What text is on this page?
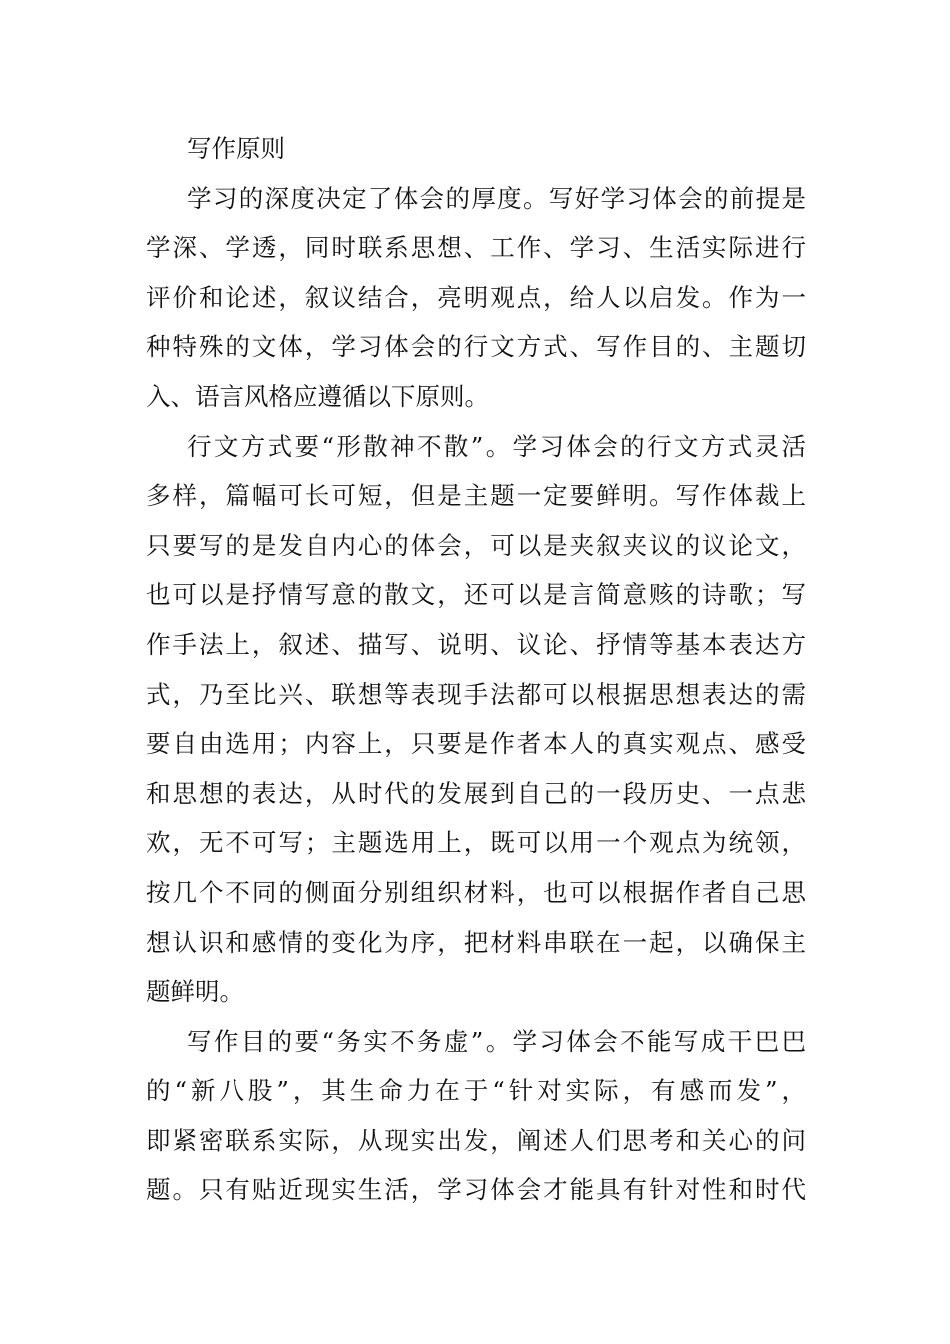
写作原则
学习的深度决定了体会的厚度。写好学习体会的前提是
学深、学透，同时联系思想、工作、学习、生活实际进行
评价和论述，叙议结合，亮明观点，给人以启发。作为一
种特殊的文体，学习体会的行文方式、写作目的、主题切
入、语言风格应遵循以下原则。
行文方式要“形散神不散”。学习体会的行文方式灵活
多样，篇幅可长可短，但是主题一定要鲜明。写作体裁上
只要写的是发自内心的体会，可以是夹叙夹议的议论文，
也可以是抒情写意的散文，还可以是言简意赅的诗歌；写
作手法上，叙述、描写、说明、议论、抒情等基本表达方
式，乃至比兴、联想等表现手法都可以根据思想表达的需
要自由选用；内容上，只要是作者本人的真实观点、感受
和思想的表达，从时代的发展到自己的一段历史、一点悲
欢，无不可写；主题选用上，既可以用一个观点为统领，
按几个不同的侧面分别组织材料，也可以根据作者自己思
想认识和感情的变化为序，把材料串联在一起，以确保主
题鲜明。
写作目的要“务实不务虚”。学习体会不能写成干巴巴
的“新八股”，其生命力在于“针对实际，有感而发”，
即紧密联系实际，从现实出发，阐述人们思考和关心的问
题。只有贴近现实生活，学习体会才能具有针对性和时代
